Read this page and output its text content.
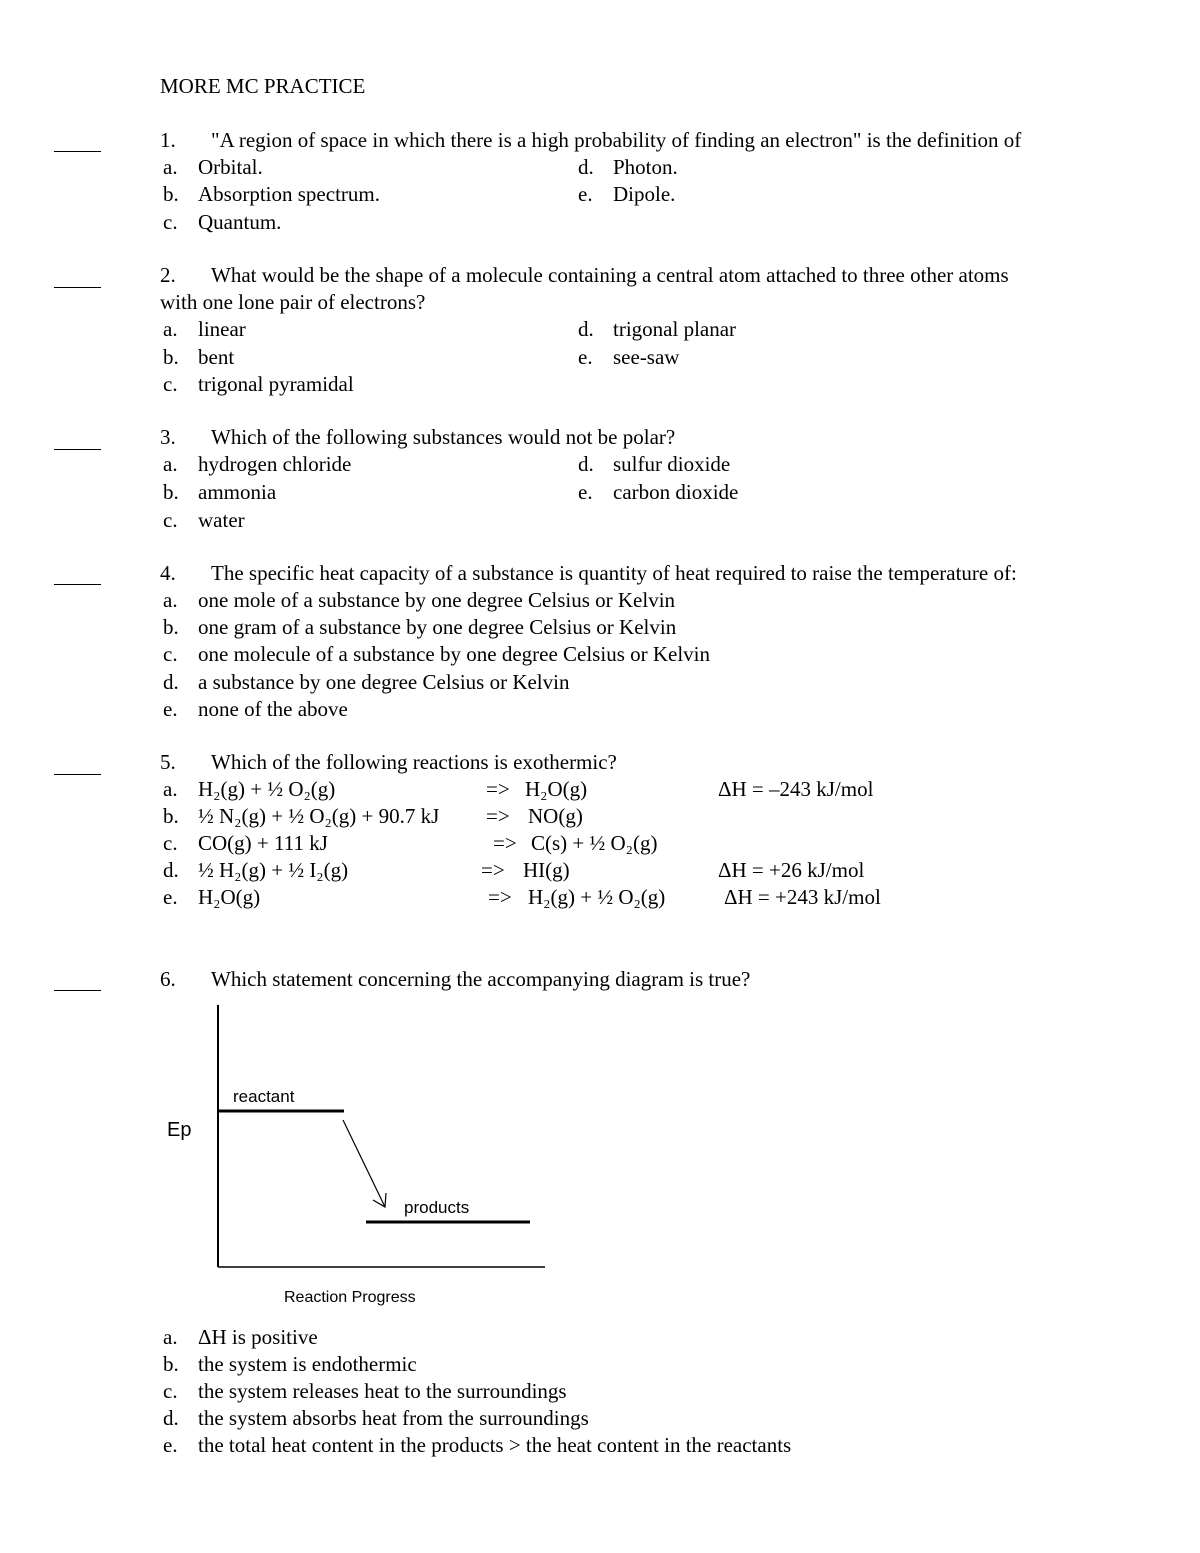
MORE MC PRACTICE
1. "A region of space in which there is a high probability of finding an electron" is the definition of
a. Orbital.
b. Absorption spectrum.
c. Quantum.
d. Photon.
e. Dipole.
2. What would be the shape of a molecule containing a central atom attached to three other atoms
with one lone pair of electrons?
a. linear
b. bent
c. trigonal pyramidal
d. trigonal planar
e. see-saw
3. Which of the following substances would not be polar?
a. hydrogen chloride
b. ammonia
c. water
d. sulfur dioxide
e. carbon dioxide
4. The specific heat capacity of a substance is quantity of heat required to raise the temperature of:
a. one mole of a substance by one degree Celsius or Kelvin
b. one gram of a substance by one degree Celsius or Kelvin
c. one molecule of a substance by one degree Celsius or Kelvin
d. a substance by one degree Celsius or Kelvin
e. none of the above
5. Which of the following reactions is exothermic?
a. H₂(g) + ½ O₂(g)	=> H₂O(g)	ΔH = –243 kJ/mol
b. ½ N₂(g) + ½ O₂(g) + 90.7 kJ => NO(g)
c. CO(g) + 111 kJ	=> C(s) + ½ O₂(g)
d. ½ H₂(g) + ½ I₂(g)	=> HI(g)	ΔH = +26 kJ/mol
e. H₂O(g)	=> H₂(g) + ½ O₂(g)	ΔH = +243 kJ/mol
6. Which statement concerning the accompanying diagram is true?
Ep
reactant
products
Reaction Progress
a. ΔH is positive
b. the system is endothermic
c. the system releases heat to the surroundings
d. the system absorbs heat from the surroundings
e. the total heat content in the products > the heat content in the reactants
